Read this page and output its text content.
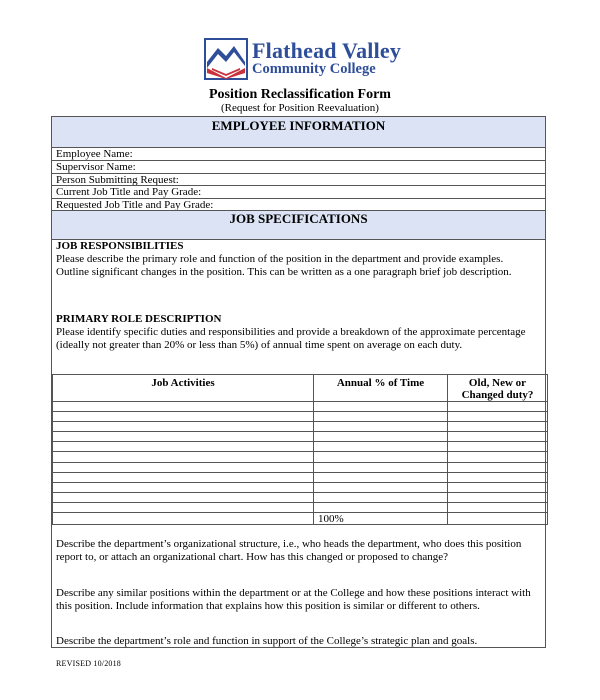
Flathead Valley
Community College
Position Reclassification Form
(Request for Position Reevaluation)
EMPLOYEE INFORMATION
Employee Name:
Supervisor Name:
Person Submitting Request:
Current Job Title and Pay Grade:
Requested Job Title and Pay Grade:
JOB SPECIFICATIONS
JOB RESPONSIBILITIES
Please describe the primary role and function of the position in the department and provide examples. Outline significant changes in the position. This can be written as a one paragraph brief job description.
PRIMARY ROLE DESCRIPTION
Please identify specific duties and responsibilities and provide a breakdown of the approximate percentage (ideally not greater than 20% or less than 5%) of annual time spent on average on each duty.
Job Activities	Annual % of Time	Old, New or Changed duty?

	100%	
Describe the department’s organizational structure, i.e., who heads the department, who does this position report to, or attach an organizational chart. How has this changed or proposed to change?
Describe any similar positions within the department or at the College and how these positions interact with this position. Include information that explains how this position is similar or different to others.
Describe the department’s role and function in support of the College’s strategic plan and goals.
REVISED 10/2018
